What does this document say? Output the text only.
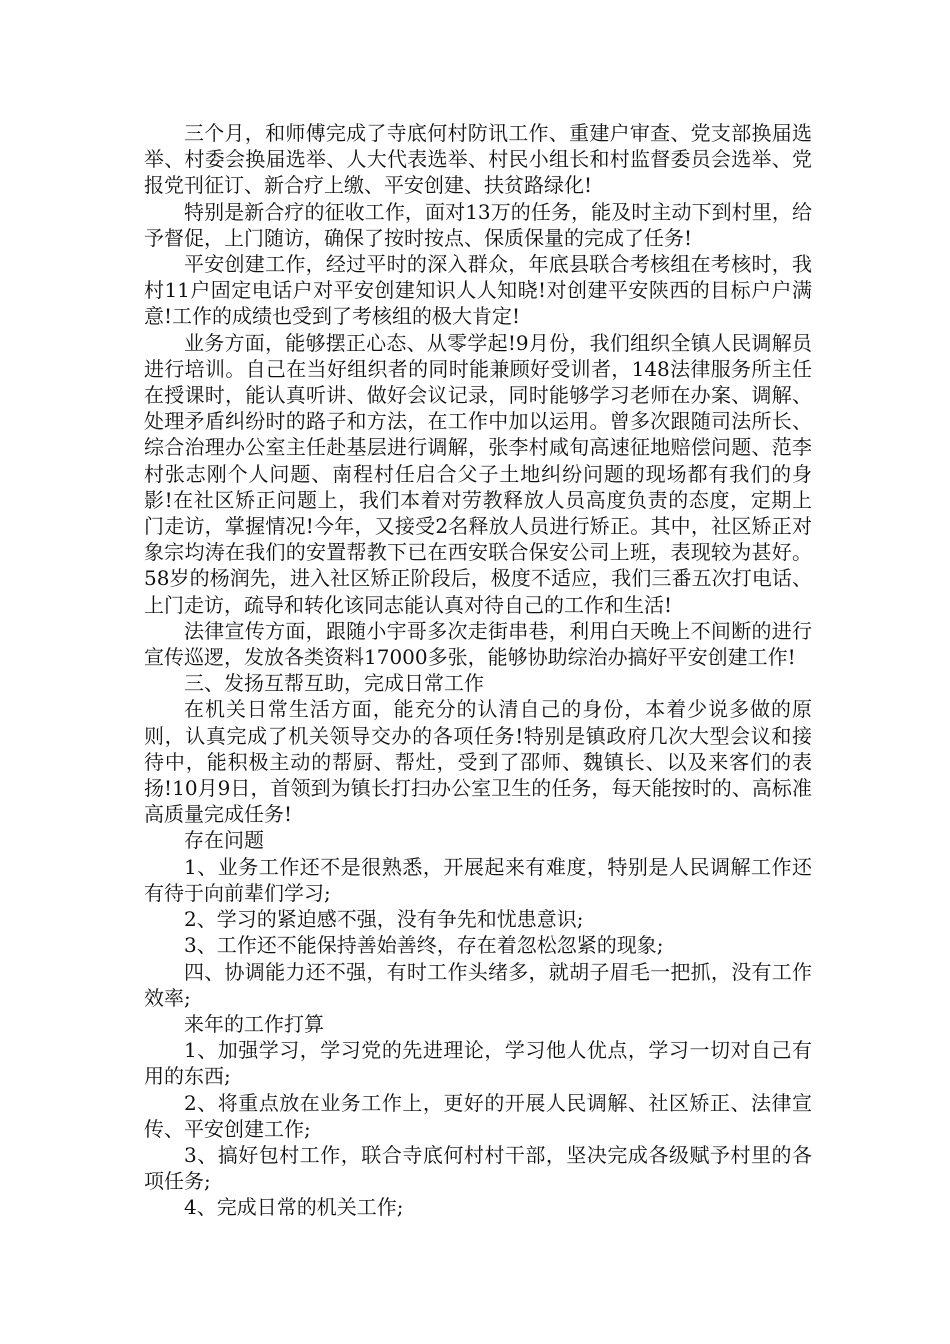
三个月，和师傅完成了寺底何村防讯工作、重建户审查、党支部换届选举、村委会换届选举、人大代表选举、村民小组长和村监督委员会选举、党报党刊征订、新合疗上缴、平安创建、扶贫路绿化!

特别是新合疗的征收工作，面对13万的任务，能及时主动下到村里，给予督促，上门随访，确保了按时按点、保质保量的完成了任务!

平安创建工作，经过平时的深入群众，年底县联合考核组在考核时，我村11户固定电话户对平安创建知识人人知晓!对创建平安陕西的目标户户满意!工作的成绩也受到了考核组的极大肯定!

业务方面，能够摆正心态、从零学起!9月份，我们组织全镇人民调解员进行培训。自己在当好组织者的同时能兼顾好受训者，148法律服务所主任在授课时，能认真听讲、做好会议记录，同时能够学习老师在办案、调解、处理矛盾纠纷时的路子和方法，在工作中加以运用。曾多次跟随司法所长、综合治理办公室主任赴基层进行调解，张李村咸旬高速征地赔偿问题、范李村张志刚个人问题、南程村任启合父子土地纠纷问题的现场都有我们的身影!在社区矫正问题上，我们本着对劳教释放人员高度负责的态度，定期上门走访，掌握情况!今年，又接受2名释放人员进行矫正。其中，社区矫正对象宗均涛在我们的安置帮教下已在西安联合保安公司上班，表现较为甚好。58岁的杨润先，进入社区矫正阶段后，极度不适应，我们三番五次打电话、上门走访，疏导和转化该同志能认真对待自己的工作和生活!

法律宣传方面，跟随小宇哥多次走街串巷，利用白天晚上不间断的进行宣传巡逻，发放各类资料17000多张，能够协助综治办搞好平安创建工作!

三、发扬互帮互助，完成日常工作

在机关日常生活方面，能充分的认清自己的身份，本着少说多做的原则，认真完成了机关领导交办的各项任务!特别是镇政府几次大型会议和接待中，能积极主动的帮厨、帮灶，受到了邵师、魏镇长、以及来客们的表扬!10月9日，首领到为镇长打扫办公室卫生的任务，每天能按时的、高标准高质量完成任务!

存在问题

1、业务工作还不是很熟悉，开展起来有难度，特别是人民调解工作还有待于向前辈们学习;

2、学习的紧迫感不强，没有争先和忧患意识;

3、工作还不能保持善始善终，存在着忽松忽紧的现象;

四、协调能力还不强，有时工作头绪多，就胡子眉毛一把抓，没有工作效率;

来年的工作打算

1、加强学习，学习党的先进理论，学习他人优点，学习一切对自己有用的东西;

2、将重点放在业务工作上，更好的开展人民调解、社区矫正、法律宣传、平安创建工作;

3、搞好包村工作，联合寺底何村村干部，坚决完成各级赋予村里的各项任务;

4、完成日常的机关工作;
